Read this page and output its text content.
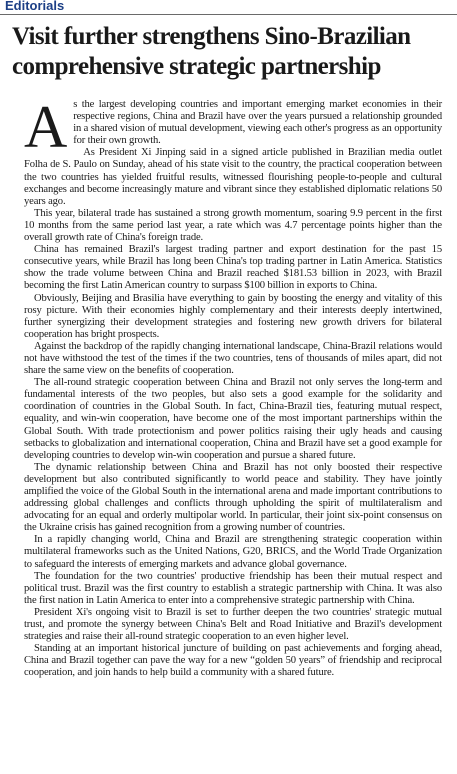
Editorials
Visit further strengthens Sino-Brazilian comprehensive strategic partnership

As the largest developing countries and important emerging market economies in their respective regions, China and Brazil have over the years pursued a relationship grounded in a shared vision of mutual development, viewing each other's progress as an opportunity for their own growth.

As President Xi Jinping said in a signed article published in Brazilian media outlet Folha de S. Paulo on Sunday, ahead of his state visit to the country, the practical cooperation between the two countries has yielded fruitful results, witnessed flourishing people-to-people and cultural exchanges and become increasingly mature and vibrant since they established diplomatic relations 50 years ago.

This year, bilateral trade has sustained a strong growth momentum, soaring 9.9 percent in the first 10 months from the same period last year, a rate which was 4.7 percentage points higher than the overall growth rate of China's foreign trade.

China has remained Brazil's largest trading partner and export destination for the past 15 consecutive years, while Brazil has long been China's top trading partner in Latin America. Statistics show the trade volume between China and Brazil reached $181.53 billion in 2023, with Brazil becoming the first Latin American country to surpass $100 billion in exports to China.

Obviously, Beijing and Brasilia have everything to gain by boosting the energy and vitality of this rosy picture. With their economies highly complementary and their interests deeply intertwined, further synergizing their development strategies and fostering new growth drivers for bilateral cooperation has bright prospects.

Against the backdrop of the rapidly changing international landscape, China-Brazil relations would not have withstood the test of the times if the two countries, tens of thousands of miles apart, did not share the same view on the benefits of cooperation.

The all-round strategic cooperation between China and Brazil not only serves the long-term and fundamental interests of the two peoples, but also sets a good example for the solidarity and coordination of countries in the Global South. In fact, China-Brazil ties, featuring mutual respect, equality, and win-win cooperation, have become one of the most important partnerships within the Global South. With trade protectionism and power politics raising their ugly heads and causing setbacks to globalization and international cooperation, China and Brazil have set a good example for developing countries to develop win-win cooperation and pursue a shared future.

The dynamic relationship between China and Brazil has not only boosted their respective development but also contributed significantly to world peace and stability. They have jointly amplified the voice of the Global South in the international arena and made important contributions to addressing global challenges and conflicts through upholding the spirit of multilateralism and advocating for an equal and orderly multipolar world. In particular, their joint six-point consensus on the Ukraine crisis has gained recognition from a growing number of countries.

In a rapidly changing world, China and Brazil are strengthening strategic cooperation within multilateral frameworks such as the United Nations, G20, BRICS, and the World Trade Organization to safeguard the interests of emerging markets and advance global governance.

The foundation for the two countries' productive friendship has been their mutual respect and political trust. Brazil was the first country to establish a strategic partnership with China. It was also the first nation in Latin America to enter into a comprehensive strategic partnership with China.

President Xi's ongoing visit to Brazil is set to further deepen the two countries' strategic mutual trust, and promote the synergy between China's Belt and Road Initiative and Brazil's development strategies and raise their all-round strategic cooperation to an even higher level.

Standing at an important historical juncture of building on past achievements and forging ahead, China and Brazil together can pave the way for a new “golden 50 years” of friendship and reciprocal cooperation, and join hands to help build a community with a shared future.
